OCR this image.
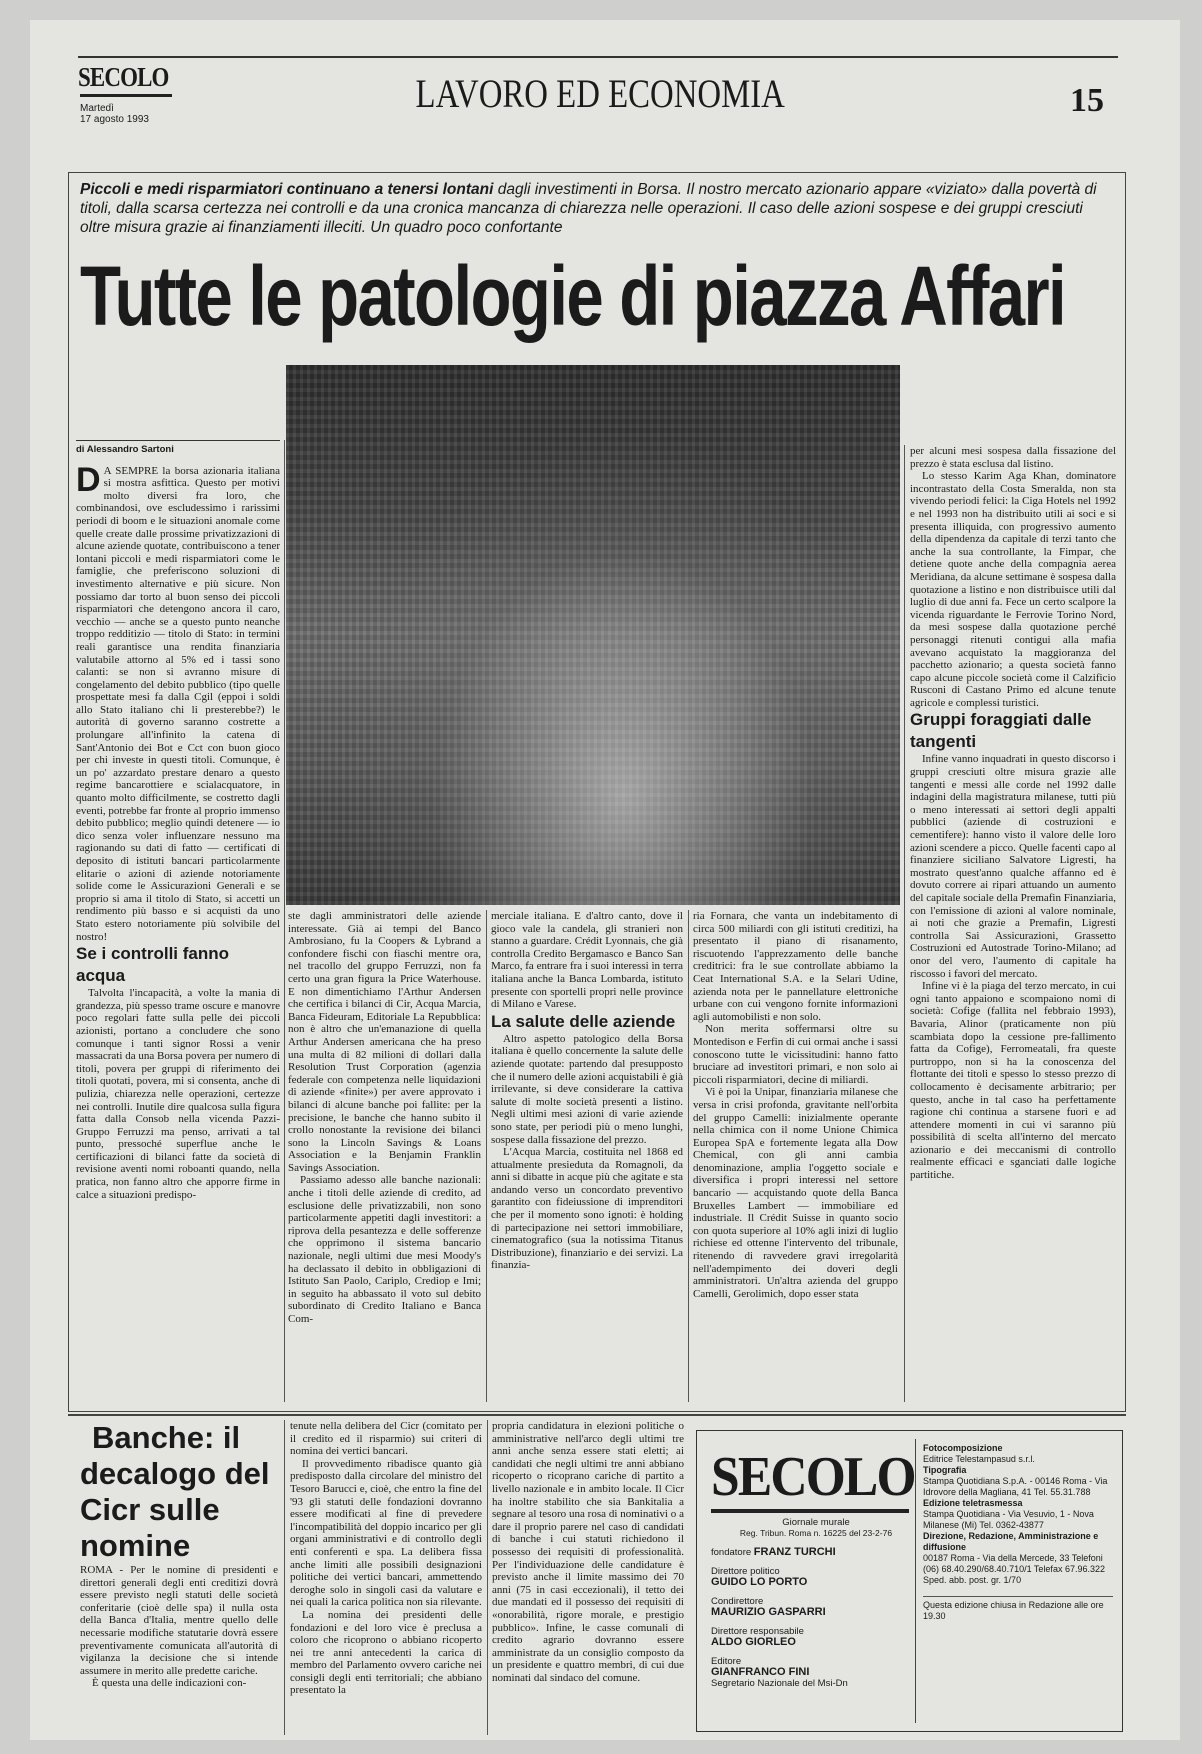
SECOLO
Martedì
17 agosto 1993
LAVORO ED ECONOMIA	15
Piccoli e medi risparmiatori continuano a tenersi lontani dagli investimenti in Borsa. Il nostro mercato azionario appare «viziato» dalla povertà di titoli, dalla scarsa certezza nei controlli e da una cronica mancanza di chiarezza nelle operazioni. Il caso delle azioni sospese e dei gruppi cresciuti oltre misura grazie ai finanziamenti illeciti. Un quadro poco confortante
Tutte le patologie di piazza Affari
di Alessandro Sartoni

D A SEMPRE la borsa azionaria italiana si mostra asfittica. Questo per motivi molto diversi fra loro, che combinandosi, ove escludessimo i rarissimi periodi di boom e le situazioni anomale come quelle create dalle prossime privatizzazioni di alcune aziende quotate, contribuiscono a tener lontani piccoli e medi risparmiatori come le famiglie, che preferiscono soluzioni di investimento alternative e più sicure. Non possiamo dar torto al buon senso dei piccoli risparmiatori che detengono ancora il caro, vecchio — anche se a questo punto neanche troppo redditizio — titolo di Stato: in termini reali garantisce una rendita finanziaria valutabile attorno al 5% ed i tassi sono calanti: se non si avranno misure di congelamento del debito pubblico (tipo quelle prospettate mesi fa dalla Cgil (eppoi i soldi allo Stato italiano chi li presterebbe?) le autorità di governo saranno costrette a prolungare all'infinito la catena di Sant'Antonio dei Bot e Cct con buon gioco per chi investe in questi titoli. Comunque, è un po' azzardato prestare denaro a questo regime bancarottiere e scialacquatore, in quanto molto difficilmente, se costretto dagli eventi, potrebbe far fronte al proprio immenso debito pubblico; meglio quindi detenere — io dico senza voler influenzare nessuno ma ragionando su dati di fatto — certificati di deposito di istituti bancari particolarmente elitarie o azioni di aziende notoriamente solide come le Assicurazioni Generali e se proprio si ama il titolo di Stato, si accetti un rendimento più basso e si acquisti da uno Stato estero notoriamente più solvibile del nostro!

Se i controlli fanno acqua

Talvolta l'incapacità, a volte la mania di grandezza, più spesso trame oscure e manovre poco regolari fatte sulla pelle dei piccoli azionisti, portano a concludere che sono comunque i tanti signor Rossi a venir massacrati da una Borsa povera per numero di titoli, povera per gruppi di riferimento dei titoli quotati, povera, mi si consenta, anche di pulizia, chiarezza nelle operazioni, certezze nei controlli. Inutile dire qualcosa sulla figura fatta dalla Consob nella vicenda Pazzi-Gruppo Ferruzzi ma penso, arrivati a tal punto, pressoché superflue anche le certificazioni di bilanci fatte da società di revisione aventi nomi roboanti quando, nella pratica, non fanno altro che apporre firme in calce a situazioni predispo-

ste dagli amministratori delle aziende interessate. Già ai tempi del Banco Ambrosiano, fu la Coopers & Lybrand a confondere fischi con fiaschi mentre ora, nel tracollo del gruppo Ferruzzi, non fa certo una gran figura la Price Waterhouse. E non dimentichiamo l'Arthur Andersen che certifica i bilanci di Cir, Acqua Marcia, Banca Fideuram, Editoriale La Repubblica: non è altro che un'emanazione di quella Arthur Andersen americana che ha preso una multa di 82 milioni di dollari dalla Resolution Trust Corporation (agenzia federale con competenza nelle liquidazioni di aziende «finite») per avere approvato i bilanci di alcune banche poi fallite: per la precisione, le banche che hanno subito il crollo nonostante la revisione dei bilanci sono la Lincoln Savings & Loans Association e la Benjamin Franklin Savings Association.

Passiamo adesso alle banche nazionali: anche i titoli delle aziende di credito, ad esclusione delle privatizzabili, non sono particolarmente appetiti dagli investitori: a riprova della pesantezza e delle sofferenze che opprimono il sistema bancario nazionale, negli ultimi due mesi Moody's ha declassato il debito in obbligazioni di Istituto San Paolo, Cariplo, Crediop e Imi; in seguito ha abbassato il voto sul debito subordinato di Credito Italiano e Banca Com-

merciale italiana. E d'altro canto, dove il gioco vale la candela, gli stranieri non stanno a guardare. Crédit Lyonnais, che già controlla Credito Bergamasco e Banco San Marco, fa entrare fra i suoi interessi in terra italiana anche la Banca Lombarda, istituto presente con sportelli propri nelle province di Milano e Varese.

La salute delle aziende

Altro aspetto patologico della Borsa italiana è quello concernente la salute delle aziende quotate: partendo dal presupposto che il numero delle azioni acquistabili è già irrilevante, si deve considerare la cattiva salute di molte società presenti a listino. Negli ultimi mesi azioni di varie aziende sono state, per periodi più o meno lunghi, sospese dalla fissazione del prezzo.

L'Acqua Marcia, costituita nel 1868 ed attualmente presieduta da Romagnoli, da anni si dibatte in acque più che agitate e sta andando verso un concordato preventivo garantito con fideiussione di imprenditori che per il momento sono ignoti: è holding di partecipazione nei settori immobiliare, cinematografico (sua la notissima Titanus Distribuzione), finanziario e dei servizi. La finanzia-

ria Fornara, che vanta un indebitamento di circa 500 miliardi con gli istituti creditizi, ha presentato il piano di risanamento, riscuotendo l'apprezzamento delle banche creditrici: fra le sue controllate abbiamo la Ceat International S.A. e la Selari Udine, azienda nota per le pannellature elettroniche urbane con cui vengono fornite informazioni agli automobilisti e non solo.

Non merita soffermarsi oltre su Montedison e Ferfin di cui ormai anche i sassi conoscono tutte le vicissitudini: hanno fatto bruciare ad investitori primari, e non solo ai piccoli risparmiatori, decine di miliardi.

Vi è poi la Unipar, finanziaria milanese che versa in crisi profonda, gravitante nell'orbita del gruppo Camelli: inizialmente operante nella chimica con il nome Unione Chimica Europea SpA e fortemente legata alla Dow Chemical, con gli anni cambia denominazione, amplia l'oggetto sociale e diversifica i propri interessi nel settore bancario — acquistando quote della Banca Bruxelles Lambert — immobiliare ed industriale. Il Crédit Suisse in quanto socio con quota superiore al 10% agli inizi di luglio richiese ed ottenne l'intervento del tribunale, ritenendo di ravvedere gravi irregolarità nell'adempimento dei doveri degli amministratori. Un'altra azienda del gruppo Camelli, Gerolimich, dopo esser stata

per alcuni mesi sospesa dalla fissazione del prezzo è stata esclusa dal listino.

Lo stesso Karim Aga Khan, dominatore incontrastato della Costa Smeralda, non sta vivendo periodi felici: la Ciga Hotels nel 1992 e nel 1993 non ha distribuito utili ai soci e si presenta illiquida, con progressivo aumento della dipendenza da capitale di terzi tanto che anche la sua controllante, la Fimpar, che detiene quote anche della compagnia aerea Meridiana, da alcune settimane è sospesa dalla quotazione a listino e non distribuisce utili dal luglio di due anni fa. Fece un certo scalpore la vicenda riguardante le Ferrovie Torino Nord, da mesi sospese dalla quotazione perché personaggi ritenuti contigui alla mafia avevano acquistato la maggioranza del pacchetto azionario; a questa società fanno capo alcune piccole società come il Calzificio Rusconi di Castano Primo ed alcune tenute agricole e complessi turistici.

Gruppi foraggiati dalle tangenti

Infine vanno inquadrati in questo discorso i gruppi cresciuti oltre misura grazie alle tangenti e messi alle corde nel 1992 dalle indagini della magistratura milanese, tutti più o meno interessati ai settori degli appalti pubblici (aziende di costruzioni e cementifere): hanno visto il valore delle loro azioni scendere a picco. Quelle facenti capo al finanziere siciliano Salvatore Ligresti, ha mostrato quest'anno qualche affanno ed è dovuto correre ai ripari attuando un aumento del capitale sociale della Premafin Finanziaria, con l'emissione di azioni al valore nominale, ai noti che grazie a Premafin, Ligresti controlla Sai Assicurazioni, Grassetto Costruzioni ed Autostrade Torino-Milano; ad onor del vero, l'aumento di capitale ha riscosso i favori del mercato.

Infine vi è la piaga del terzo mercato, in cui ogni tanto appaiono e scompaiono nomi di società: Cofige (fallita nel febbraio 1993), Bavaria, Alinor (praticamente non più scambiata dopo la cessione pre-fallimento fatta da Cofige), Ferromeatali, fra queste purtroppo, non si ha la conoscenza del flottante dei titoli e spesso lo stesso prezzo di collocamento è decisamente arbitrario; per questo, anche in tal caso ha perfettamente ragione chi continua a starsene fuori e ad attendere momenti in cui vi saranno più possibilità di scelta all'interno del mercato azionario e dei meccanismi di controllo realmente efficaci e sganciati dalle logiche partitiche.

Banche: il decalogo del Cicr sulle nomine

ROMA - Per le nomine di presidenti e direttori generali degli enti creditizi dovrà essere previsto negli statuti delle società conferitarie (cioè delle spa) il nulla osta della Banca d'Italia, mentre quello delle necessarie modifiche statutarie dovrà essere preventivamente comunicata all'autorità di vigilanza la decisione che si intende assumere in merito alle predette cariche.

È questa una delle indicazioni con-

tenute nella delibera del Cicr (comitato per il credito ed il risparmio) sui criteri di nomina dei vertici bancari.

Il provvedimento ribadisce quanto già predisposto dalla circolare del ministro del Tesoro Barucci e, cioè, che entro la fine del '93 gli statuti delle fondazioni dovranno essere modificati al fine di prevedere l'incompatibilità del doppio incarico per gli organi amministrativi e di controllo degli enti conferenti e spa. La delibera fissa anche limiti alle possibili designazioni politiche dei vertici bancari, ammettendo deroghe solo in singoli casi da valutare e nei quali la carica politica non sia rilevante.

La nomina dei presidenti delle fondazioni e del loro vice è preclusa a coloro che ricoprono o abbiano ricoperto nei tre anni antecedenti la carica di membro del Parlamento ovvero cariche nei consigli degli enti territoriali; che abbiano presentato la

propria candidatura in elezioni politiche o amministrative nell'arco degli ultimi tre anni anche senza essere stati eletti; ai candidati che negli ultimi tre anni abbiano ricoperto o ricoprano cariche di partito a livello nazionale e in ambito locale. Il Cicr ha inoltre stabilito che sia Bankitalia a segnare al tesoro una rosa di nominativi o a dare il proprio parere nel caso di candidati di banche i cui statuti richiedono il possesso dei requisiti di professionalità. Per l'individuazione delle candidature è previsto anche il limite massimo dei 70 anni (75 in casi eccezionali), il tetto dei due mandati ed il possesso dei requisiti di «onorabilità, rigore morale, e prestigio pubblico». Infine, le casse comunali di credito agrario dovranno essere amministrate da un consiglio composto da un presidente e quattro membri, di cui due nominati dal sindaco del comune.

SECOLO
Giornale murale
Reg. Tribun. Roma n. 16225 del 23-2-76
fondatore FRANZ TURCHI
Direttore politico
GUIDO LO PORTO
Condirettore
MAURIZIO GASPARRI
Direttore responsabile
ALDO GIORLEO
Editore
GIANFRANCO FINI
Segretario Nazionale del Msi-Dn
Fotocomposizione
Editrice Telestampasud s.r.l.
Tipografia
Stampa Quotidiana S.p.A. - 00146 Roma - Via Idrovore della Magliana, 41 Tel. 55.31.788
Edizione teletrasmessa
Stampa Quotidiana - Via Vesuvio, 1 - Nova Milanese (Mi) Tel. 0362-43877
Direzione, Redazione, Amministrazione e diffusione
00187 Roma - Via della Mercede, 33 Telefoni (06) 68.40.290/68.40.710/1 Telefax 67.96.322 Sped. abb. post. gr. 1/70
Questa edizione chiusa in Redazione alle ore 19.30
